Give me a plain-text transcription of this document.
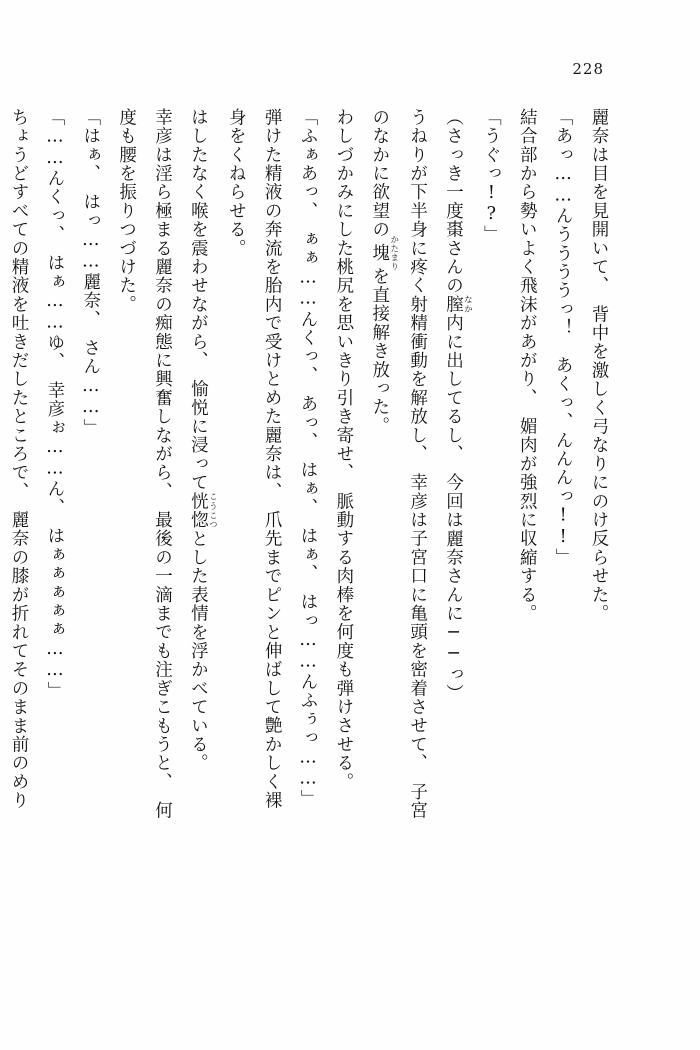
228
麗奈は目を見開いて、　背中を激しく弓なりにのけ反らせた。
「あっ……んううううっ！　あくっ、んんんっ!!」
結合部から勢いよく飛沫があがり、　媚肉が強烈に収縮する。
「うぐっ!?」
（さっき一度棗さんの膣 なか内に出してるし、　今回は麗奈さんに──っ）
うねりが下半身に疼く射精衝動を解放し、　幸彦は子宮口に亀頭を密着させて、　子宮
のなかに欲望の塊 かたまりを直接解き放った。
わしづかみにした桃尻を思いきり引き寄せ、　脈動する肉棒を何度も弾けさせる。
「ふぁあっ、　ぁぁ……んくっ、　あっ、　はぁ、　はぁ、　はっ……んふぅっ……」
弾けた精液の奔流を胎内で受けとめた麗奈は、　爪先までピンと伸ばして艶かしく裸
身をくねらせる。
はしたなく喉を震わせながら、　愉悦に浸って恍惚 こうこつとした表情を浮かべている。
幸彦は淫ら極まる麗奈の痴態に興奮しながら、　最後の一滴までも注ぎこもうと、　何
度も腰を振りつづけた。
「はぁ、　はっ……麗奈、　さん……」
「……んくっ、　はぁ……ゆ、　幸彦ぉ……ん、　はぁぁぁぁぁ……」
ちょうどすべての精液を吐きだしたところで、　麗奈の膝が折れてそのまま前のめり
